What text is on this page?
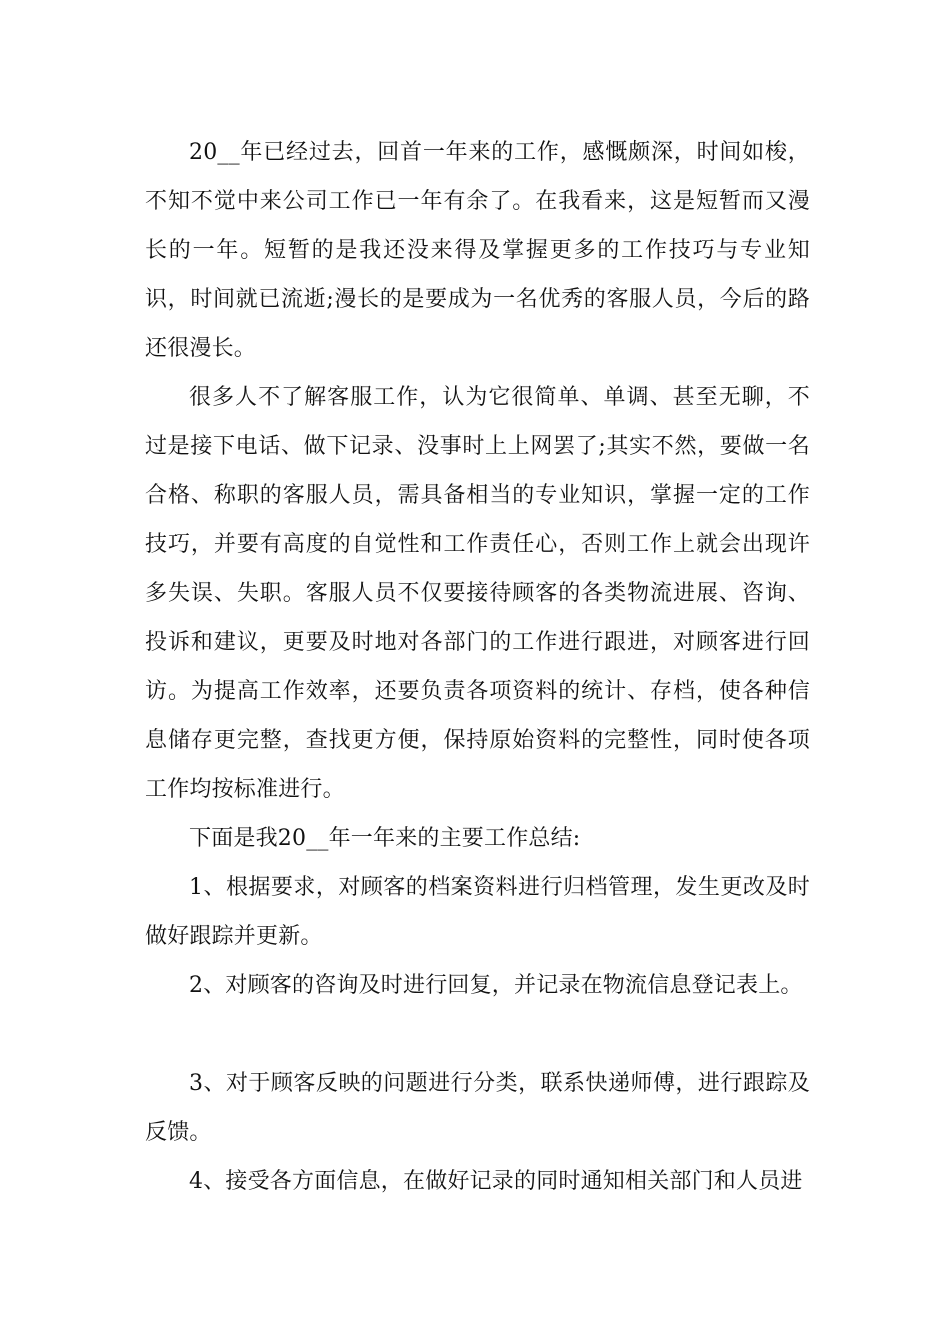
20__年已经过去，回首一年来的工作，感慨颇深，时间如梭，不知不觉中来公司工作已一年有余了。在我看来，这是短暂而又漫长的一年。短暂的是我还没来得及掌握更多的工作技巧与专业知识，时间就已流逝;漫长的是要成为一名优秀的客服人员，今后的路还很漫长。

很多人不了解客服工作，认为它很简单、单调、甚至无聊，不过是接下电话、做下记录、没事时上上网罢了;其实不然，要做一名合格、称职的客服人员，需具备相当的专业知识，掌握一定的工作技巧，并要有高度的自觉性和工作责任心，否则工作上就会出现许多失误、失职。客服人员不仅要接待顾客的各类物流进展、咨询、投诉和建议，更要及时地对各部门的工作进行跟进，对顾客进行回访。为提高工作效率，还要负责各项资料的统计、存档，使各种信息储存更完整，查找更方便，保持原始资料的完整性，同时使各项工作均按标准进行。

下面是我20__年一年来的主要工作总结:

1、根据要求，对顾客的档案资料进行归档管理，发生更改及时做好跟踪并更新。

2、对顾客的咨询及时进行回复，并记录在物流信息登记表上。

3、对于顾客反映的问题进行分类，联系快递师傅，进行跟踪及反馈。

4、接受各方面信息，在做好记录的同时通知相关部门和人员进
